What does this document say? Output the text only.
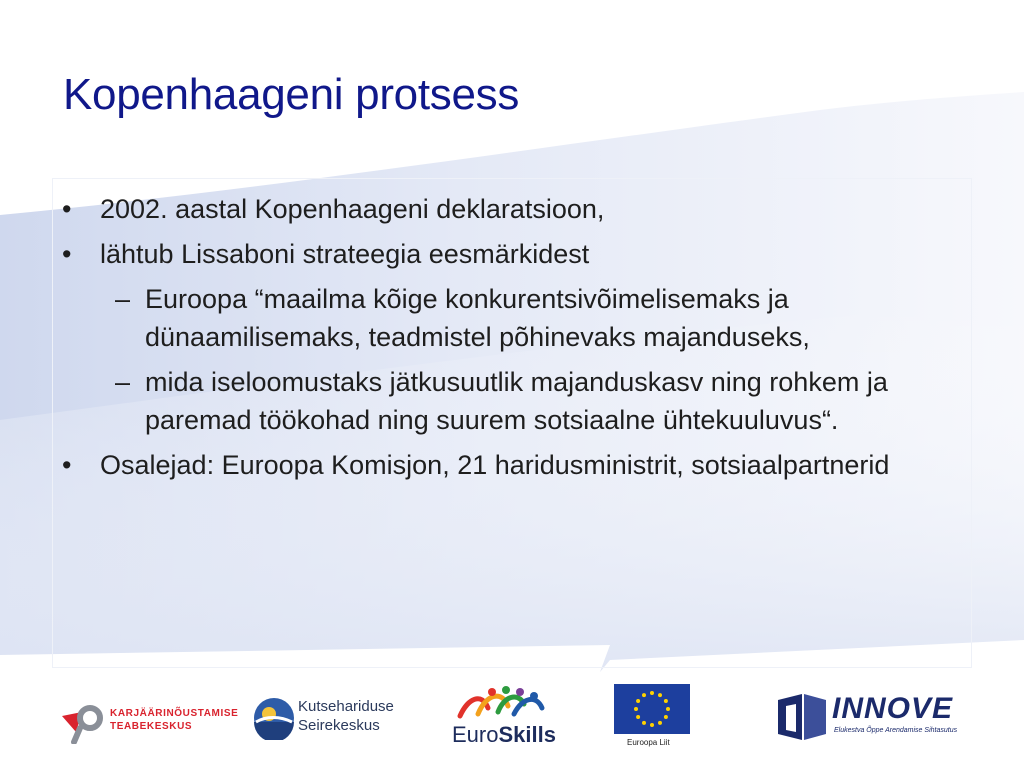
Kopenhaageni protsess

• 2002. aastal Kopenhaageni deklaratsioon,

• lähtub Lissaboni strateegia eesmärkidest

– Euroopa “maailma kõige konkurentsivõimelisemaks ja dünaamilisemaks, teadmistel põhinevaks majanduseks,

– mida iseloomustaks jätkusuutlik majanduskasv ning rohkem ja paremad töökohad ning suurem sotsiaalne ühtekuuluvus“.

• Osalejad: Euroopa Komisjon, 21 haridusministrit, sotsiaalpartnerid

KARJÄÄRINÕUSTAMISE
TEABEKESKUS
Kutsehariduse
Seirekeskus	EuroSkills	Euroopa Liit
INNOVE
Elukestva Õppe Arendamise Sihtasutus
